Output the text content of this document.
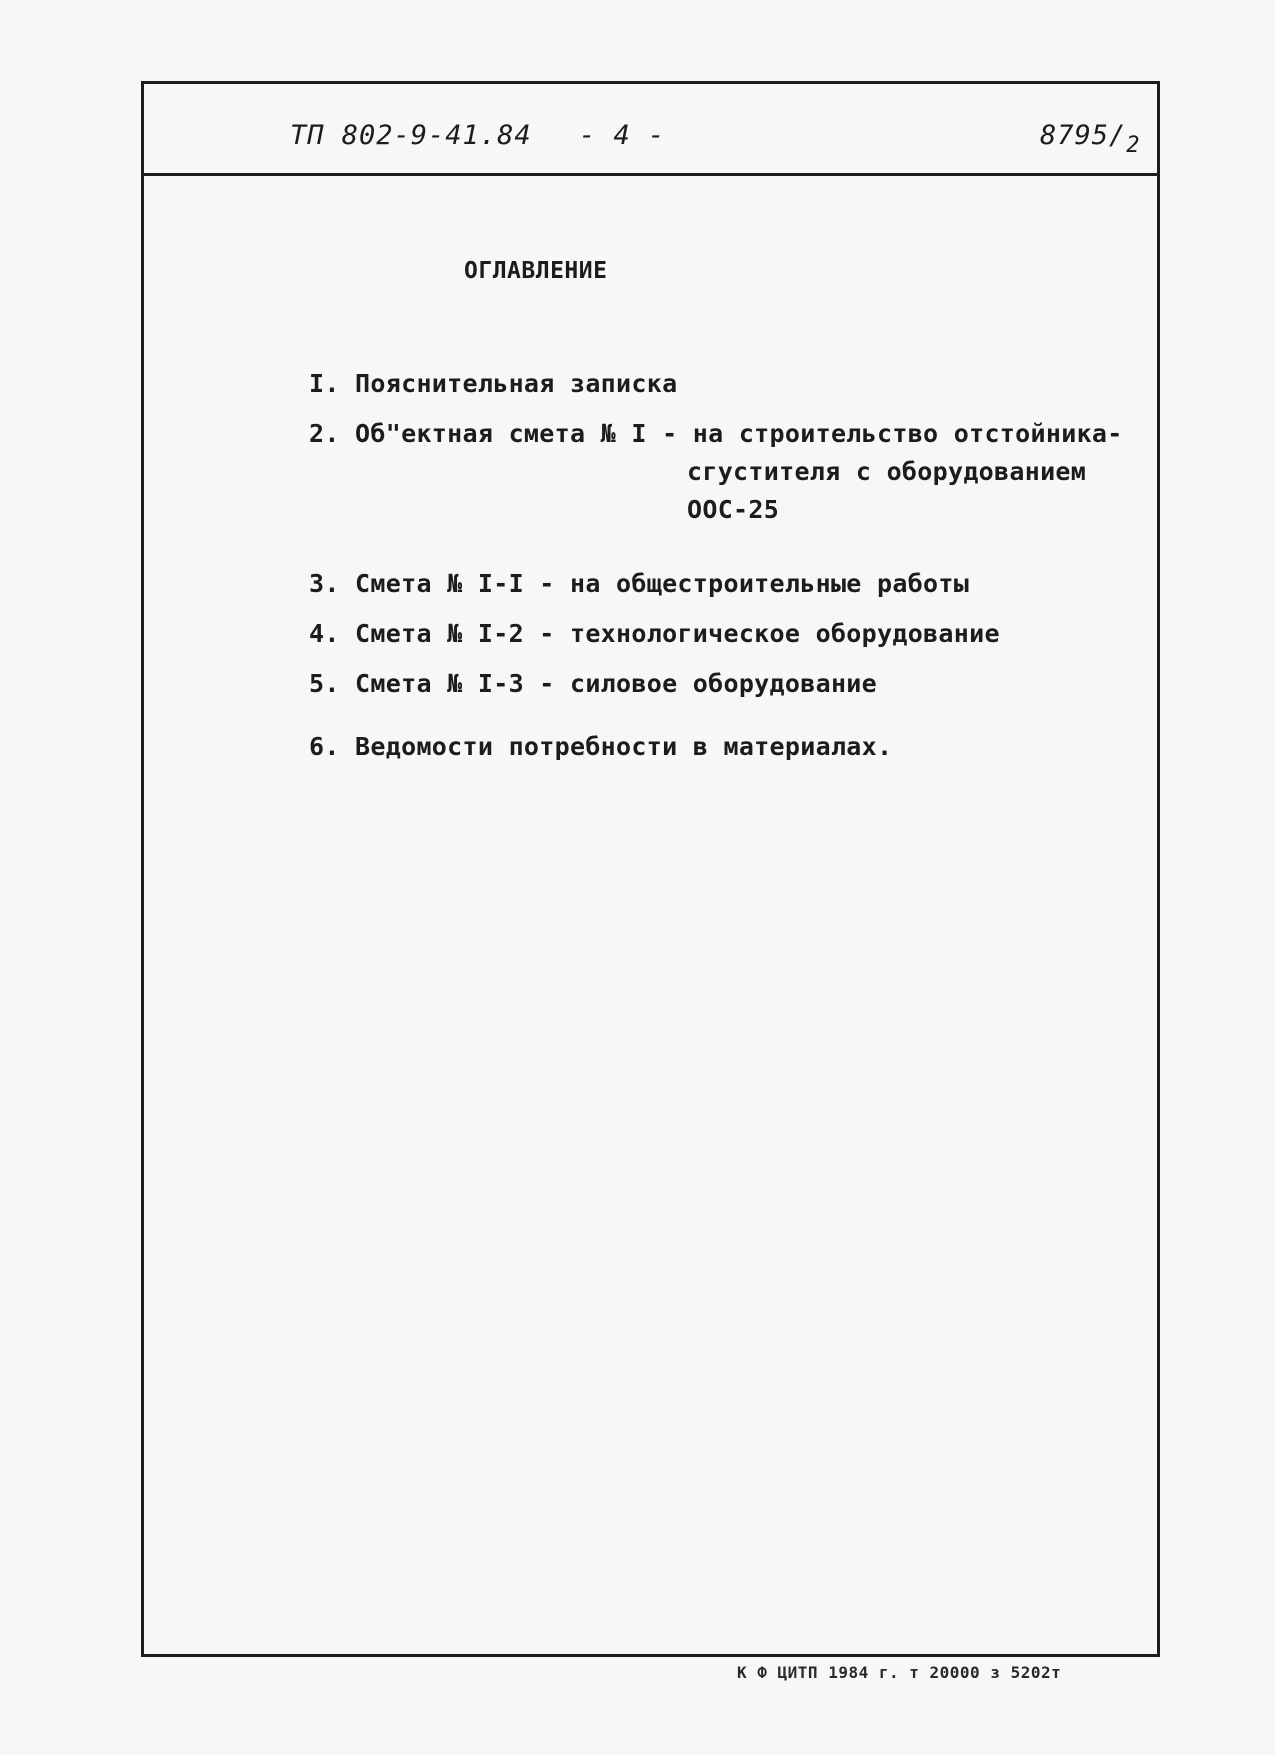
ТП 802-9-41.84 - 4 -	$8795/_2$
ОГЛАВЛЕНИЕ
I. Пояснительная записка
2. Об"ектная смета № I - на строительство отстойника-
сгустителя с оборудованием
ООС-25
3. Смета № I-I - на общестроительные работы
4. Смета № I-2 - технологическое оборудование
5. Смета № I-3 - силовое оборудование
6. Ведомости потребности в материалах.
К Ф ЦИТП 1984 г. т 20000 з 5202т
